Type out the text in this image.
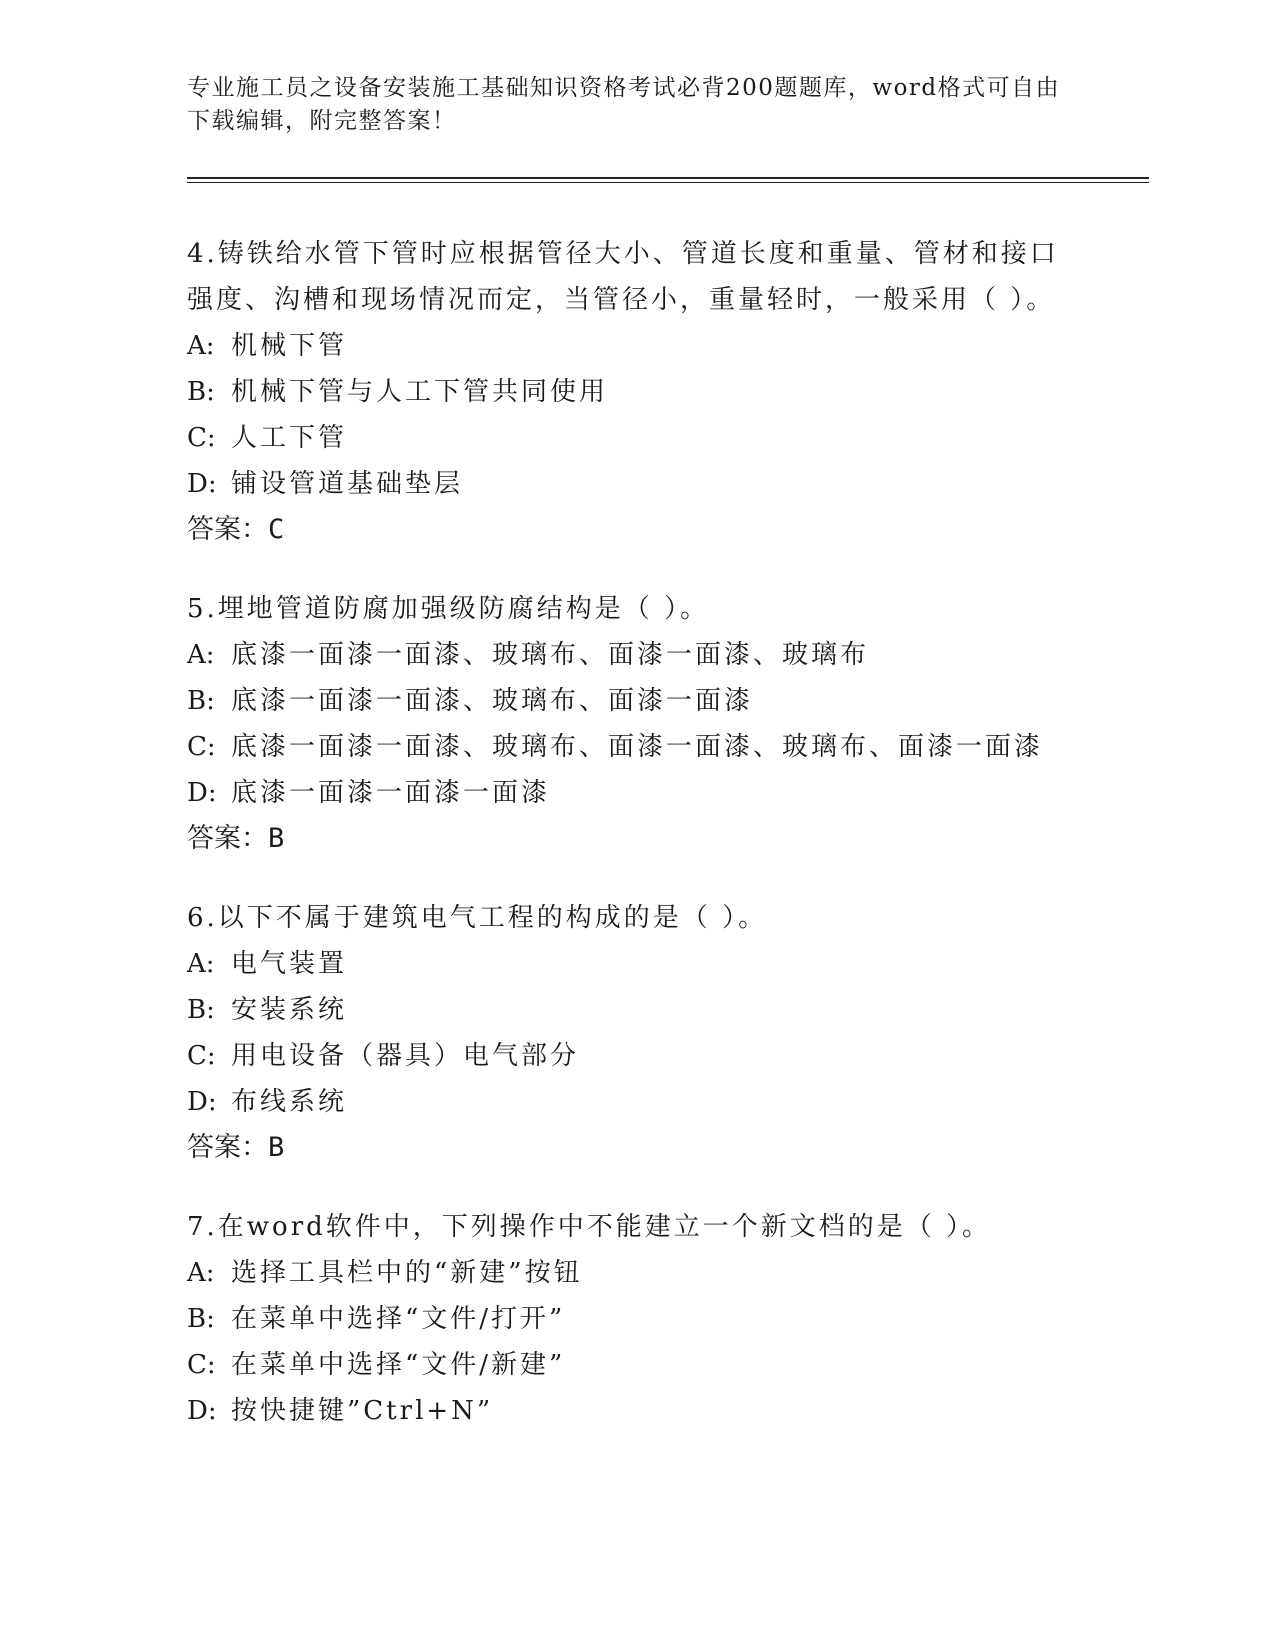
专业施工员之设备安装施工基础知识资格考试必背200题题库，word格式可自由下载编辑，附完整答案！

4.铸铁给水管下管时应根据管径大小、管道长度和重量、管材和接口强度、沟槽和现场情况而定，当管径小，重量轻时，一般采用（ ）。

A: 机械下管

B: 机械下管与人工下管共同使用

C: 人工下管

D: 铺设管道基础垫层

答案：C

5.埋地管道防腐加强级防腐结构是（ ）。

A: 底漆一面漆一面漆、玻璃布、面漆一面漆、玻璃布

B: 底漆一面漆一面漆、玻璃布、面漆一面漆

C: 底漆一面漆一面漆、玻璃布、面漆一面漆、玻璃布、面漆一面漆

D: 底漆一面漆一面漆一面漆

答案：B

6.以下不属于建筑电气工程的构成的是（ ）。

A: 电气装置

B: 安装系统

C: 用电设备（器具）电气部分

D: 布线系统

答案：B

7.在word软件中，下列操作中不能建立一个新文档的是（ ）。

A: 选择工具栏中的“新建”按钮

B: 在菜单中选择“文件/打开”

C: 在菜单中选择“文件/新建”

D: 按快捷键”Ctrl+N”
